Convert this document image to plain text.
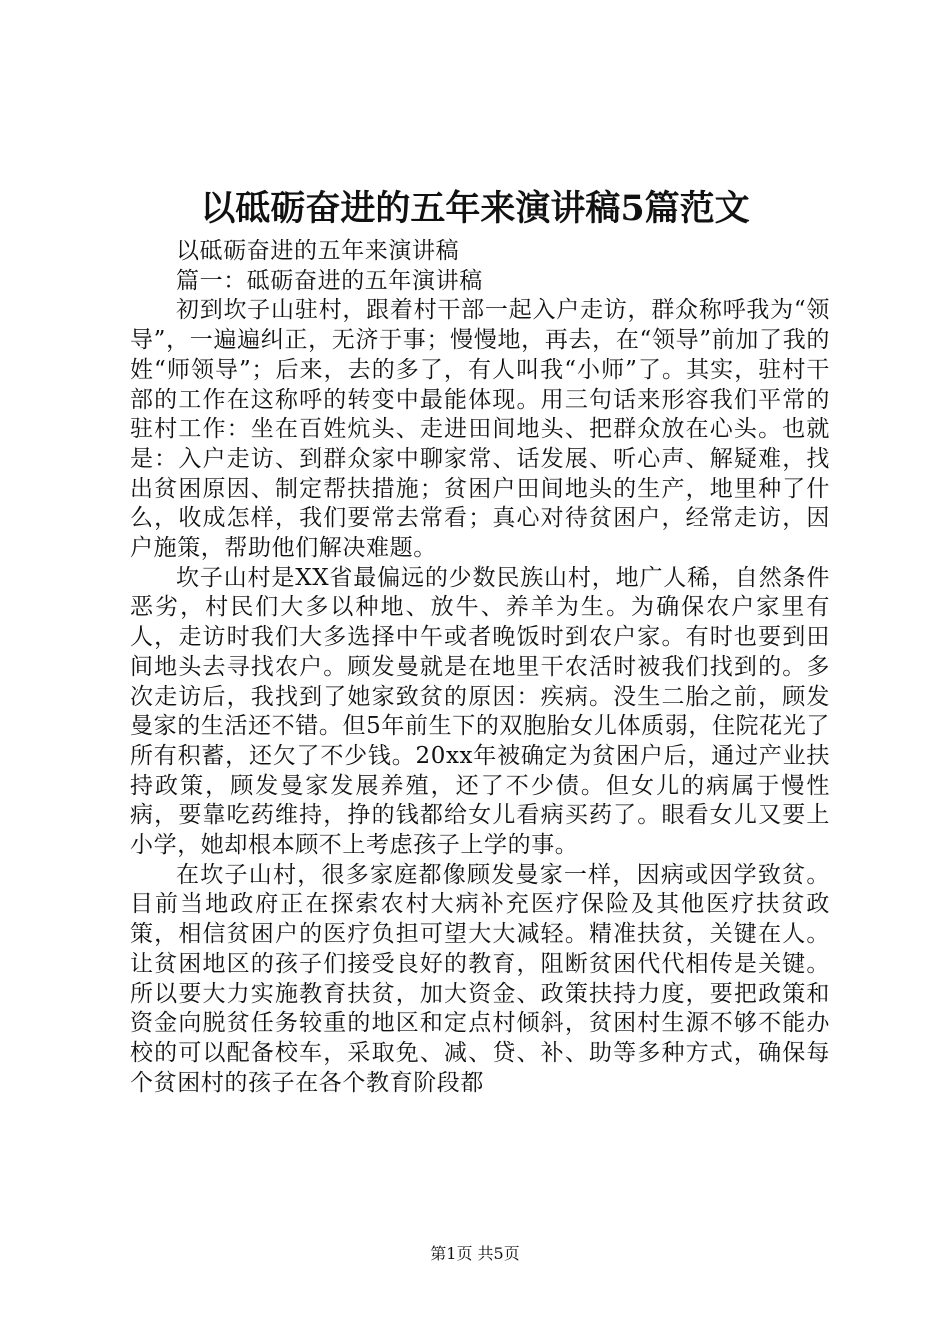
以砥砺奋进的五年来演讲稿5篇范文

以砥砺奋进的五年来演讲稿

篇一：砥砺奋进的五年演讲稿

初到坎子山驻村，跟着村干部一起入户走访，群众称呼我为“领导”，一遍遍纠正，无济于事；慢慢地，再去，在“领导”前加了我的姓“师领导”；后来，去的多了，有人叫我“小师”了。其实，驻村干部的工作在这称呼的转变中最能体现。用三句话来形容我们平常的驻村工作：坐在百姓炕头、走进田间地头、把群众放在心头。也就是：入户走访、到群众家中聊家常、话发展、听心声、解疑难，找出贫困原因、制定帮扶措施；贫困户田间地头的生产，地里种了什么，收成怎样，我们要常去常看；真心对待贫困户，经常走访，因户施策，帮助他们解决难题。

坎子山村是XX省最偏远的少数民族山村，地广人稀，自然条件恶劣，村民们大多以种地、放牛、养羊为生。为确保农户家里有人，走访时我们大多选择中午或者晚饭时到农户家。有时也要到田间地头去寻找农户。顾发曼就是在地里干农活时被我们找到的。多次走访后，我找到了她家致贫的原因：疾病。没生二胎之前，顾发曼家的生活还不错。但5年前生下的双胞胎女儿体质弱，住院花光了所有积蓄，还欠了不少钱。20xx年被确定为贫困户后，通过产业扶持政策，顾发曼家发展养殖，还了不少债。但女儿的病属于慢性病，要靠吃药维持，挣的钱都给女儿看病买药了。眼看女儿又要上小学，她却根本顾不上考虑孩子上学的事。

在坎子山村，很多家庭都像顾发曼家一样，因病或因学致贫。目前当地政府正在探索农村大病补充医疗保险及其他医疗扶贫政策，相信贫困户的医疗负担可望大大减轻。精准扶贫，关键在人。让贫困地区的孩子们接受良好的教育，阻断贫困代代相传是关键。所以要大力实施教育扶贫，加大资金、政策扶持力度，要把政策和资金向脱贫任务较重的地区和定点村倾斜，贫困村生源不够不能办校的可以配备校车，采取免、减、贷、补、助等多种方式，确保每个贫困村的孩子在各个教育阶段都

第1页 共5页
